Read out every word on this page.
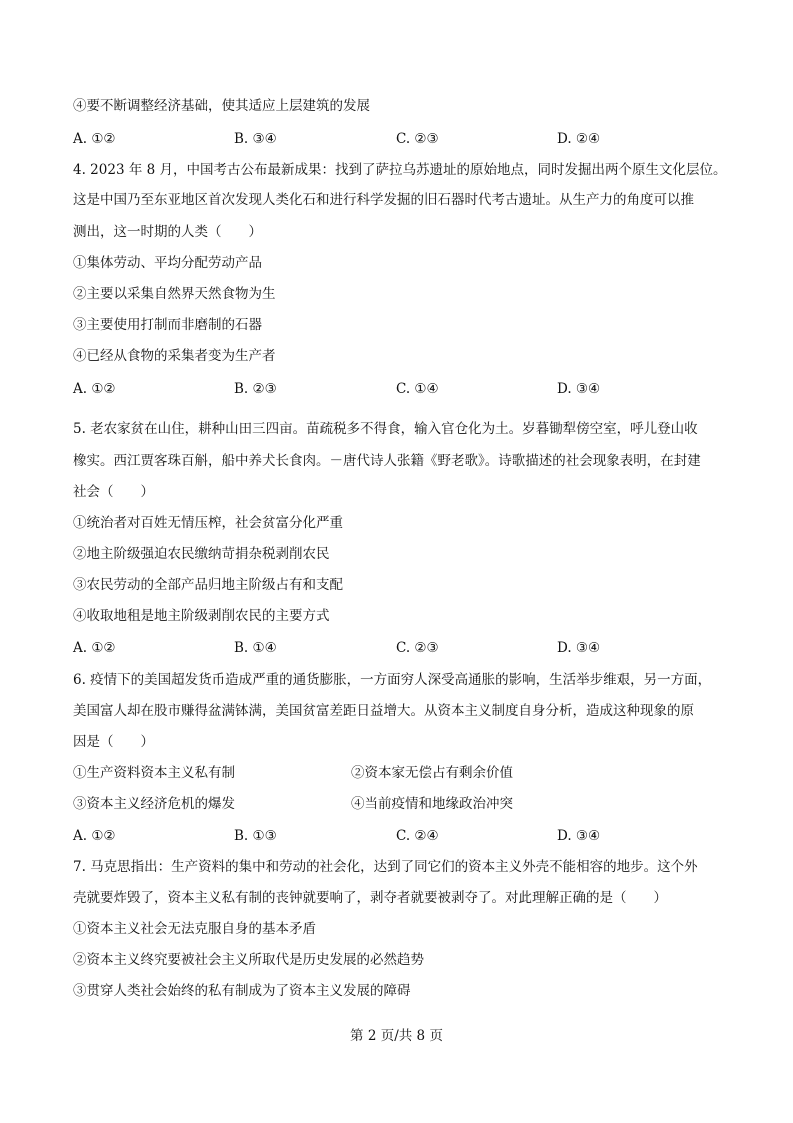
④要不断调整经济基础，使其适应上层建筑的发展
A. ①②	B. ③④	C. ②③	D. ②④
4. 2023 年 8 月，中国考古公布最新成果：找到了萨拉乌苏遗址的原始地点，同时发掘出两个原生文化层位。
这是中国乃至东亚地区首次发现人类化石和进行科学发掘的旧石器时代考古遗址。从生产力的角度可以推
测出，这一时期的人类（　　）
①集体劳动、平均分配劳动产品
②主要以采集自然界天然食物为生
③主要使用打制而非磨制的石器
④已经从食物的采集者变为生产者
A. ①②	B. ②③	C. ①④	D. ③④
5. 老农家贫在山住，耕种山田三四亩。苗疏税多不得食，输入官仓化为土。岁暮锄犁傍空室，呼儿登山收
橡实。西江贾客珠百斛，船中养犬长食肉。－唐代诗人张籍《野老歌》。诗歌描述的社会现象表明，在封建
社会（　　）
①统治者对百姓无情压榨，社会贫富分化严重
②地主阶级强迫农民缴纳苛捐杂税剥削农民
③农民劳动的全部产品归地主阶级占有和支配
④收取地租是地主阶级剥削农民的主要方式
A. ①②	B. ①④	C. ②③	D. ③④
6. 疫情下的美国超发货币造成严重的通货膨胀，一方面穷人深受高通胀的影响，生活举步维艰，另一方面，
美国富人却在股市赚得盆满钵满，美国贫富差距日益增大。从资本主义制度自身分析，造成这种现象的原
因是（　　）
①生产资料资本主义私有制	②资本家无偿占有剩余价值
③资本主义经济危机的爆发	④当前疫情和地缘政治冲突
A. ①②	B. ①③	C. ②④	D. ③④
7. 马克思指出：生产资料的集中和劳动的社会化，达到了同它们的资本主义外壳不能相容的地步。这个外
壳就要炸毁了，资本主义私有制的丧钟就要响了，剥夺者就要被剥夺了。对此理解正确的是（　　）
①资本主义社会无法克服自身的基本矛盾
②资本主义终究要被社会主义所取代是历史发展的必然趋势
③贯穿人类社会始终的私有制成为了资本主义发展的障碍
第 2 页/共 8 页
